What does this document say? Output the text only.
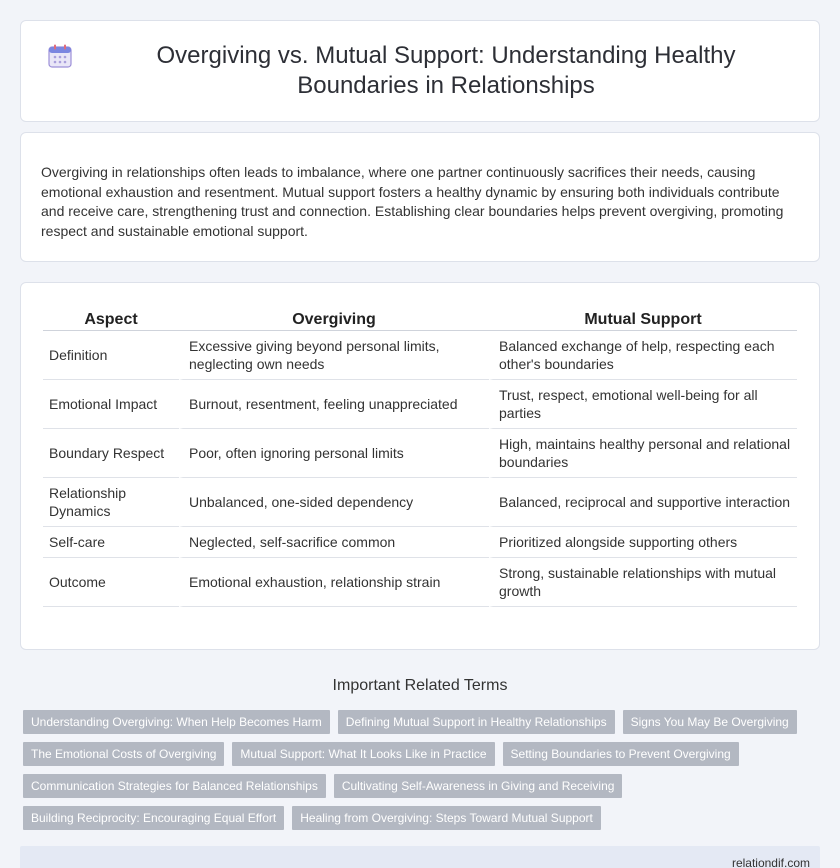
Overgiving vs. Mutual Support: Understanding Healthy Boundaries in Relationships

Overgiving in relationships often leads to imbalance, where one partner continuously sacrifices their needs, causing emotional exhaustion and resentment. Mutual support fosters a healthy dynamic by ensuring both individuals contribute and receive care, strengthening trust and connection. Establishing clear boundaries helps prevent overgiving, promoting respect and sustainable emotional support.

Aspect	Overgiving	Mutual Support
Definition	Excessive giving beyond personal limits, neglecting own needs	Balanced exchange of help, respecting each other's boundaries
Emotional Impact	Burnout, resentment, feeling unappreciated	Trust, respect, emotional well-being for all parties
Boundary Respect	Poor, often ignoring personal limits	High, maintains healthy personal and relational boundaries
Relationship Dynamics	Unbalanced, one-sided dependency	Balanced, reciprocal and supportive interaction
Self-care	Neglected, self-sacrifice common	Prioritized alongside supporting others
Outcome	Emotional exhaustion, relationship strain	Strong, sustainable relationships with mutual growth
Important Related Terms
Understanding Overgiving: When Help Becomes Harm	Defining Mutual Support in Healthy Relationships	Signs You May Be Overgiving
The Emotional Costs of Overgiving	Mutual Support: What It Looks Like in Practice	Setting Boundaries to Prevent Overgiving
Communication Strategies for Balanced Relationships	Cultivating Self-Awareness in Giving and Receiving
Building Reciprocity: Encouraging Equal Effort	Healing from Overgiving: Steps Toward Mutual Support
relationdif.com
